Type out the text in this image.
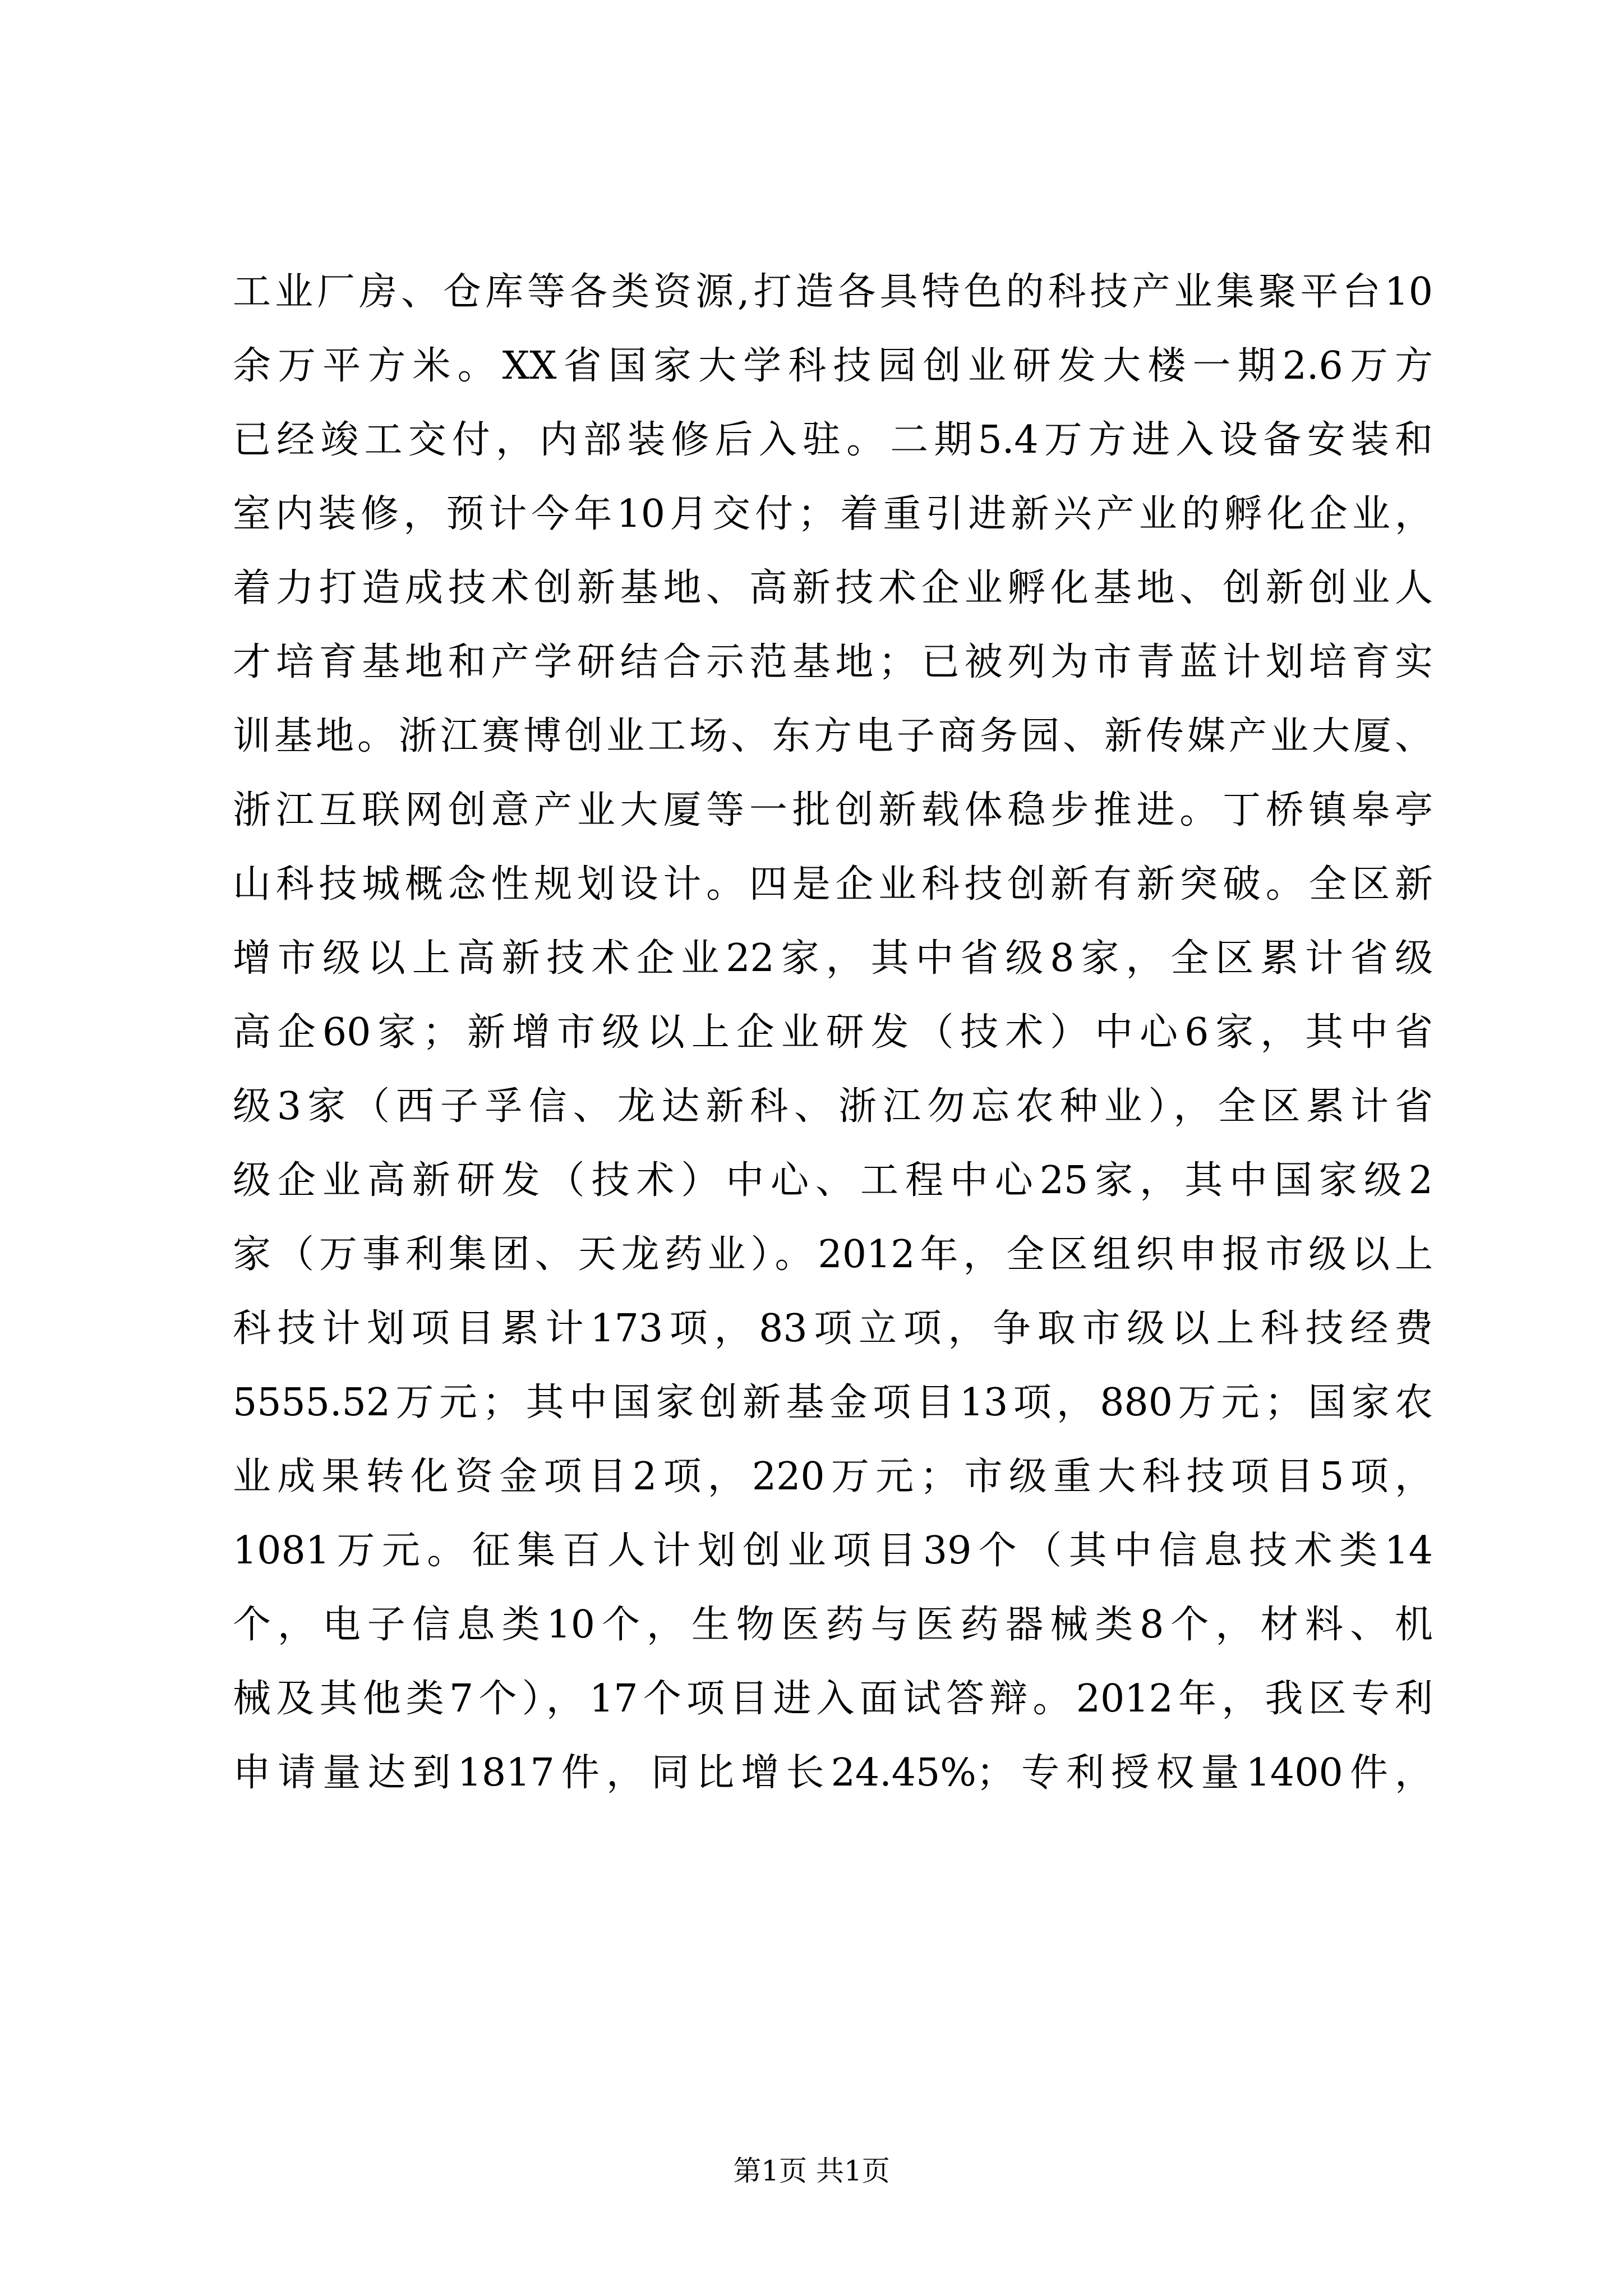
工业厂房、仓库等各类资源,打造各具特色的科技产业集聚平台10
余万平方米。XX省国家大学科技园创业研发大楼一期2.6万方
已经竣工交付，内部装修后入驻。二期5.4万方进入设备安装和
室内装修，预计今年10月交付；着重引进新兴产业的孵化企业，
着力打造成技术创新基地、高新技术企业孵化基地、创新创业人
才培育基地和产学研结合示范基地；已被列为市青蓝计划培育实
训基地。浙江赛博创业工场、东方电子商务园、新传媒产业大厦、
浙江互联网创意产业大厦等一批创新载体稳步推进。丁桥镇皋亭
山科技城概念性规划设计。四是企业科技创新有新突破。全区新
增市级以上高新技术企业22家，其中省级8家，全区累计省级
高企60家；新增市级以上企业研发（技术）中心6家，其中省
级3家（西子孚信、龙达新科、浙江勿忘农种业），全区累计省
级企业高新研发（技术）中心、工程中心25家，其中国家级2
家（万事利集团、天龙药业）。2012年，全区组织申报市级以上
科技计划项目累计173项，83项立项，争取市级以上科技经费
5555.52万元；其中国家创新基金项目13项，880万元；国家农
业成果转化资金项目2项，220万元；市级重大科技项目5项，
1081万元。征集百人计划创业项目39个（其中信息技术类14
个，电子信息类10个，生物医药与医药器械类8个，材料、机
械及其他类7个），17个项目进入面试答辩。2012年，我区专利
申请量达到1817件，同比增长24.45%；专利授权量1400件，
第1页 共1页
